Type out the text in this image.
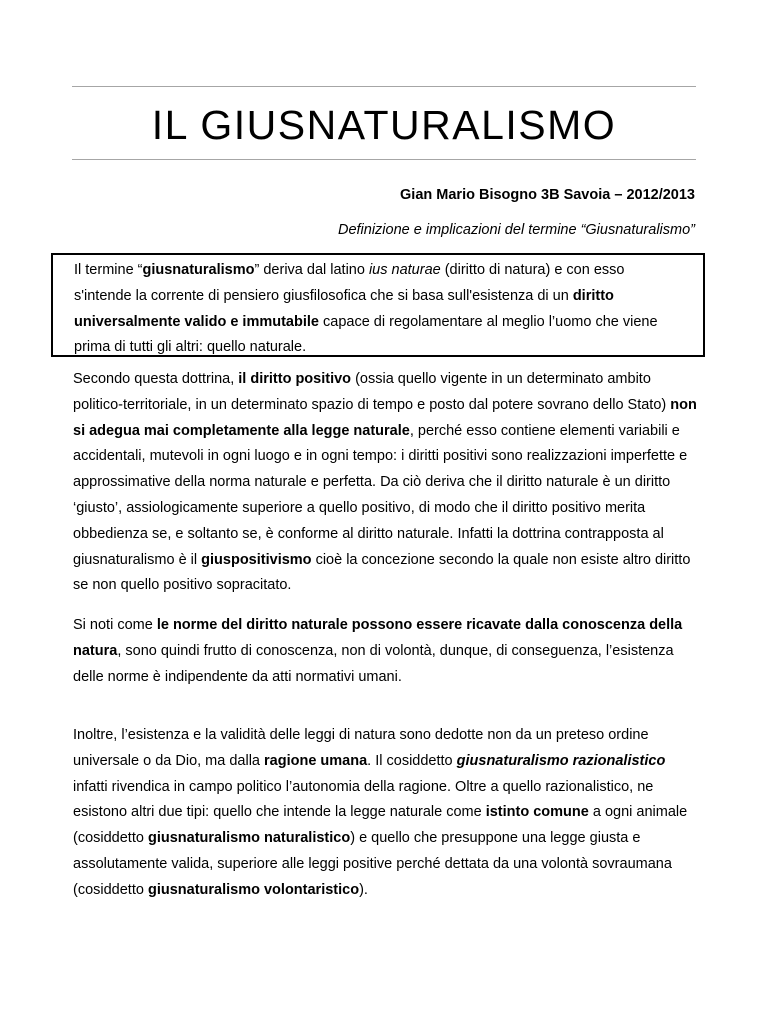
IL GIUSNATURALISMO
Gian Mario Bisogno 3B Savoia – 2012/2013
Definizione e implicazioni del termine “Giusnaturalismo”

Il termine “giusnaturalismo” deriva dal latino ius naturae (diritto di natura) e con esso s'intende la corrente di pensiero giusfilosofica che si basa sull'esistenza di un diritto universalmente valido e immutabile capace di regolamentare al meglio l’uomo che viene prima di tutti gli altri: quello naturale.

Secondo questa dottrina, il diritto positivo (ossia quello vigente in un determinato ambito politico-territoriale, in un determinato spazio di tempo e posto dal potere sovrano dello Stato) non si adegua mai completamente alla legge naturale, perché esso contiene elementi variabili e accidentali, mutevoli in ogni luogo e in ogni tempo: i diritti positivi sono realizzazioni imperfette e approssimative della norma naturale e perfetta. Da ciò deriva che il diritto naturale è un diritto ‘giusto’, assiologicamente superiore a quello positivo, di modo che il diritto positivo merita obbedienza se, e soltanto se, è conforme al diritto naturale. Infatti la dottrina contrapposta al giusnaturalismo è il giuspositivismo cioè la concezione secondo la quale non esiste altro diritto se non quello positivo sopracitato.

Si noti come le norme del diritto naturale possono essere ricavate dalla conoscenza della natura, sono quindi frutto di conoscenza, non di volontà, dunque, di conseguenza, l’esistenza delle norme è indipendente da atti normativi umani.

Inoltre, l’esistenza e la validità delle leggi di natura sono dedotte non da un preteso ordine universale o da Dio, ma dalla ragione umana. Il cosiddetto giusnaturalismo razionalistico infatti rivendica in campo politico l’autonomia della ragione. Oltre a quello razionalistico, ne esistono altri due tipi: quello che intende la legge naturale come istinto comune a ogni animale (cosiddetto giusnaturalismo naturalistico) e quello che presuppone una legge giusta e assolutamente valida, superiore alle leggi positive perché dettata da una volontà sovraumana (cosiddetto giusnaturalismo volontaristico).
